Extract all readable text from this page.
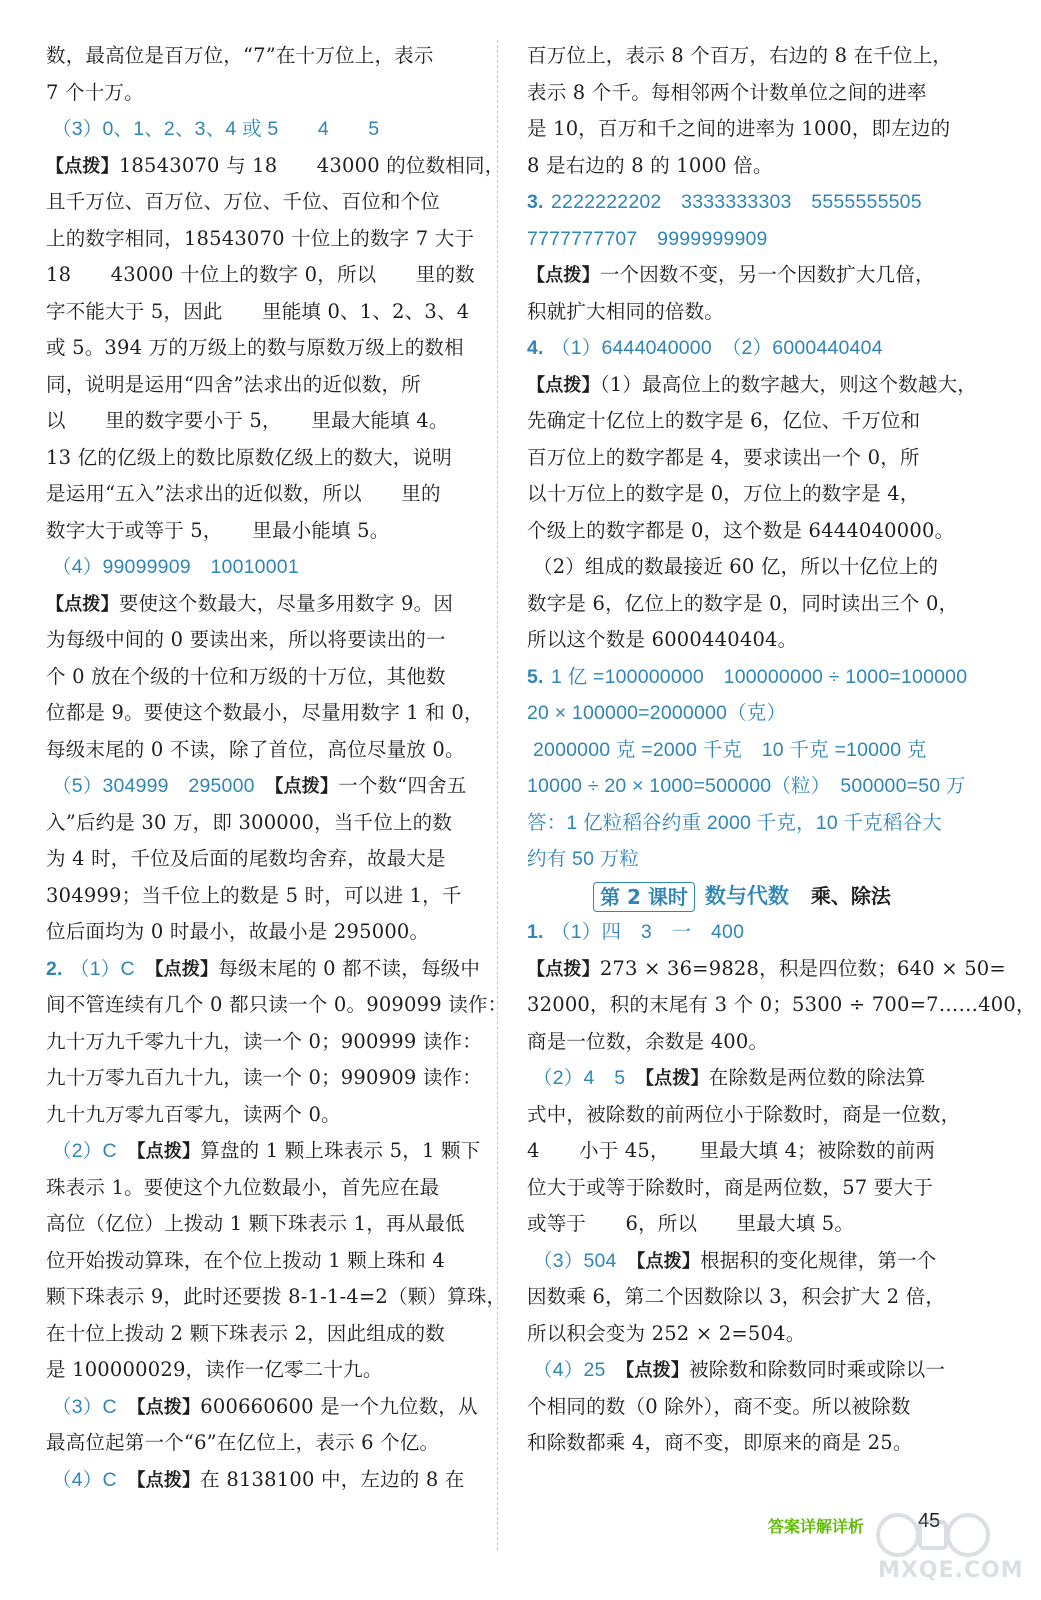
数，最高位是百万位，“7”在十万位上，表示
7 个十万。
（3）0、1、2、3、4 或 5　　4　　5
【点拨】18543070 与 18　　43000 的位数相同，
且千万位、百万位、万位、千位、百位和个位
上的数字相同，18543070 十位上的数字 7 大于
18　　43000 十位上的数字 0，所以　　里的数
字不能大于 5，因此　　里能填 0、1、2、3、4
或 5。394 万的万级上的数与原数万级上的数相
同，说明是运用“四舍”法求出的近似数，所
以　　里的数字要小于 5，　　里最大能填 4。
13 亿的亿级上的数比原数亿级上的数大，说明
是运用“五入”法求出的近似数，所以　　里的
数字大于或等于 5，　　里最小能填 5。
（4）99099909　10010001
【点拨】要使这个数最大，尽量多用数字 9。因
为每级中间的 0 要读出来，所以将要读出的一
个 0 放在个级的十位和万级的十万位，其他数
位都是 9。要使这个数最小，尽量用数字 1 和 0，
每级末尾的 0 不读，除了首位，高位尽量放 0。
（5）304999　295000　【点拨】一个数“四舍五
入”后约是 30 万，即 300000，当千位上的数
为 4 时，千位及后面的尾数均舍弃，故最大是
304999；当千位上的数是 5 时，可以进 1，千
位后面均为 0 时最小，故最小是 295000。
2. （1）C　【点拨】每级末尾的 0 都不读，每级中
间不管连续有几个 0 都只读一个 0。909099 读作：
九十万九千零九十九，读一个 0；900999 读作：
九十万零九百九十九，读一个 0；990909 读作：
九十九万零九百零九，读两个 0。
（2）C　【点拨】算盘的 1 颗上珠表示 5，1 颗下
珠表示 1。要使这个九位数最小，首先应在最
高位（亿位）上拨动 1 颗下珠表示 1，再从最低
位开始拨动算珠，在个位上拨动 1 颗上珠和 4
颗下珠表示 9，此时还要拨 8-1-1-4=2（颗）算珠，
在十位上拨动 2 颗下珠表示 2，因此组成的数
是 100000029，读作一亿零二十九。
（3）C　【点拨】600660600 是一个九位数，从
最高位起第一个“6”在亿位上，表示 6 个亿。
（4）C　【点拨】在 8138100 中，左边的 8 在
百万位上，表示 8 个百万，右边的 8 在千位上，
表示 8 个千。每相邻两个计数单位之间的进率
是 10，百万和千之间的进率为 1000，即左边的
8 是右边的 8 的 1000 倍。
3. 2222222202　3333333303　5555555505
7777777707　9999999909
【点拨】一个因数不变，另一个因数扩大几倍，
积就扩大相同的倍数。
4. （1）6444040000　（2）6000440404
【点拨】（1）最高位上的数字越大，则这个数越大，
先确定十亿位上的数字是 6，亿位、千万位和
百万位上的数字都是 4，要求读出一个 0，所
以十万位上的数字是 0，万位上的数字是 4，
个级上的数字都是 0，这个数是 6444040000。
（2）组成的数最接近 60 亿，所以十亿位上的
数字是 6，亿位上的数字是 0，同时读出三个 0，
所以这个数是 6000440404。
5. 1 亿 =100000000　100000000 ÷ 1000=100000
20 × 100000=2000000（克）
2000000 克 =2000 千克　10 千克 =10000 克
10000 ÷ 20 × 1000=500000（粒）　500000=50 万
答：1 亿粒稻谷约重 2000 千克，10 千克稻谷大
约有 50 万粒
第 2 课时 数与代数 乘、除法
1. （1）四　3　一　400
【点拨】273 × 36=9828，积是四位数；640 × 50=
32000，积的末尾有 3 个 0；5300 ÷ 700=7……400，
商是一位数，余数是 400。
（2）4　5　【点拨】在除数是两位数的除法算
式中，被除数的前两位小于除数时，商是一位数，
4　　小于 45，　　里最大填 4；被除数的前两
位大于或等于除数时，商是两位数，57 要大于
或等于　　6，所以　　里最大填 5。
（3）504　【点拨】根据积的变化规律，第一个
因数乘 6，第二个因数除以 3，积会扩大 2 倍，
所以积会变为 252 × 2=504。
（4）25　【点拨】被除数和除数同时乘或除以一
个相同的数（0 除外），商不变。所以被除数
和除数都乘 4，商不变，即原来的商是 25。
答案详解详析	45
MXQE.COM
